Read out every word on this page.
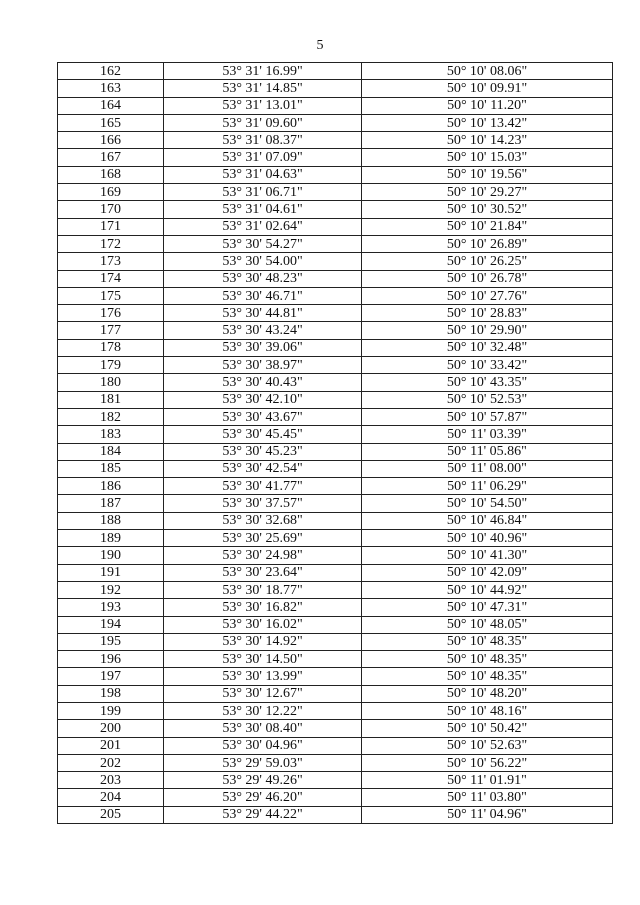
5
162	53° 31' 16.99"	50° 10' 08.06"
163	53° 31' 14.85"	50° 10' 09.91"
164	53° 31' 13.01"	50° 10' 11.20"
165	53° 31' 09.60"	50° 10' 13.42"
166	53° 31' 08.37"	50° 10' 14.23"
167	53° 31' 07.09"	50° 10' 15.03"
168	53° 31' 04.63"	50° 10' 19.56"
169	53° 31' 06.71"	50° 10' 29.27"
170	53° 31' 04.61"	50° 10' 30.52"
171	53° 31' 02.64"	50° 10' 21.84"
172	53° 30' 54.27"	50° 10' 26.89"
173	53° 30' 54.00"	50° 10' 26.25"
174	53° 30' 48.23"	50° 10' 26.78"
175	53° 30' 46.71"	50° 10' 27.76"
176	53° 30' 44.81"	50° 10' 28.83"
177	53° 30' 43.24"	50° 10' 29.90"
178	53° 30' 39.06"	50° 10' 32.48"
179	53° 30' 38.97"	50° 10' 33.42"
180	53° 30' 40.43"	50° 10' 43.35"
181	53° 30' 42.10"	50° 10' 52.53"
182	53° 30' 43.67"	50° 10' 57.87"
183	53° 30' 45.45"	50° 11' 03.39"
184	53° 30' 45.23"	50° 11' 05.86"
185	53° 30' 42.54"	50° 11' 08.00"
186	53° 30' 41.77"	50° 11' 06.29"
187	53° 30' 37.57"	50° 10' 54.50"
188	53° 30' 32.68"	50° 10' 46.84"
189	53° 30' 25.69"	50° 10' 40.96"
190	53° 30' 24.98"	50° 10' 41.30"
191	53° 30' 23.64"	50° 10' 42.09"
192	53° 30' 18.77"	50° 10' 44.92"
193	53° 30' 16.82"	50° 10' 47.31"
194	53° 30' 16.02"	50° 10' 48.05"
195	53° 30' 14.92"	50° 10' 48.35"
196	53° 30' 14.50"	50° 10' 48.35"
197	53° 30' 13.99"	50° 10' 48.35"
198	53° 30' 12.67"	50° 10' 48.20"
199	53° 30' 12.22"	50° 10' 48.16"
200	53° 30' 08.40"	50° 10' 50.42"
201	53° 30' 04.96"	50° 10' 52.63"
202	53° 29' 59.03"	50° 10' 56.22"
203	53° 29' 49.26"	50° 11' 01.91"
204	53° 29' 46.20"	50° 11' 03.80"
205	53° 29' 44.22"	50° 11' 04.96"
